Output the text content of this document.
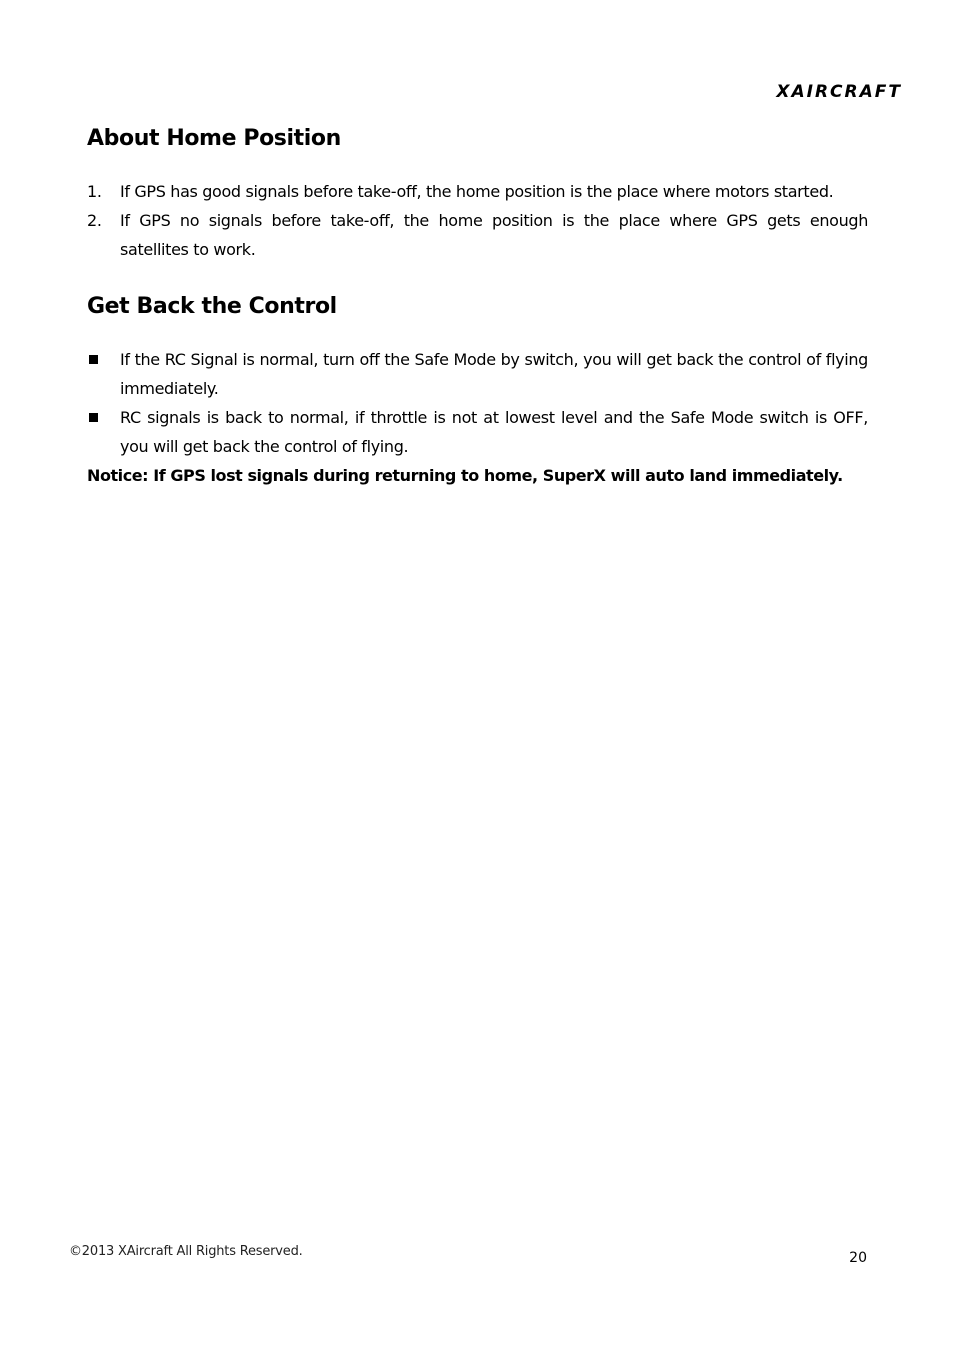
XAIRCRAFT
About Home Position
1. If GPS has good signals before take-off, the home position is the place where motors started.
2. If GPS no signals before take-off, the home position is the place where GPS gets enough satellites to work.
Get Back the Control
If the RC Signal is normal, turn off the Safe Mode by switch, you will get back the control of flying immediately.
RC signals is back to normal, if throttle is not at lowest level and the Safe Mode switch is OFF, you will get back the control of flying.

Notice: If GPS lost signals during returning to home, SuperX will auto land immediately.

©2013 XAircraft All Rights Reserved.	20
